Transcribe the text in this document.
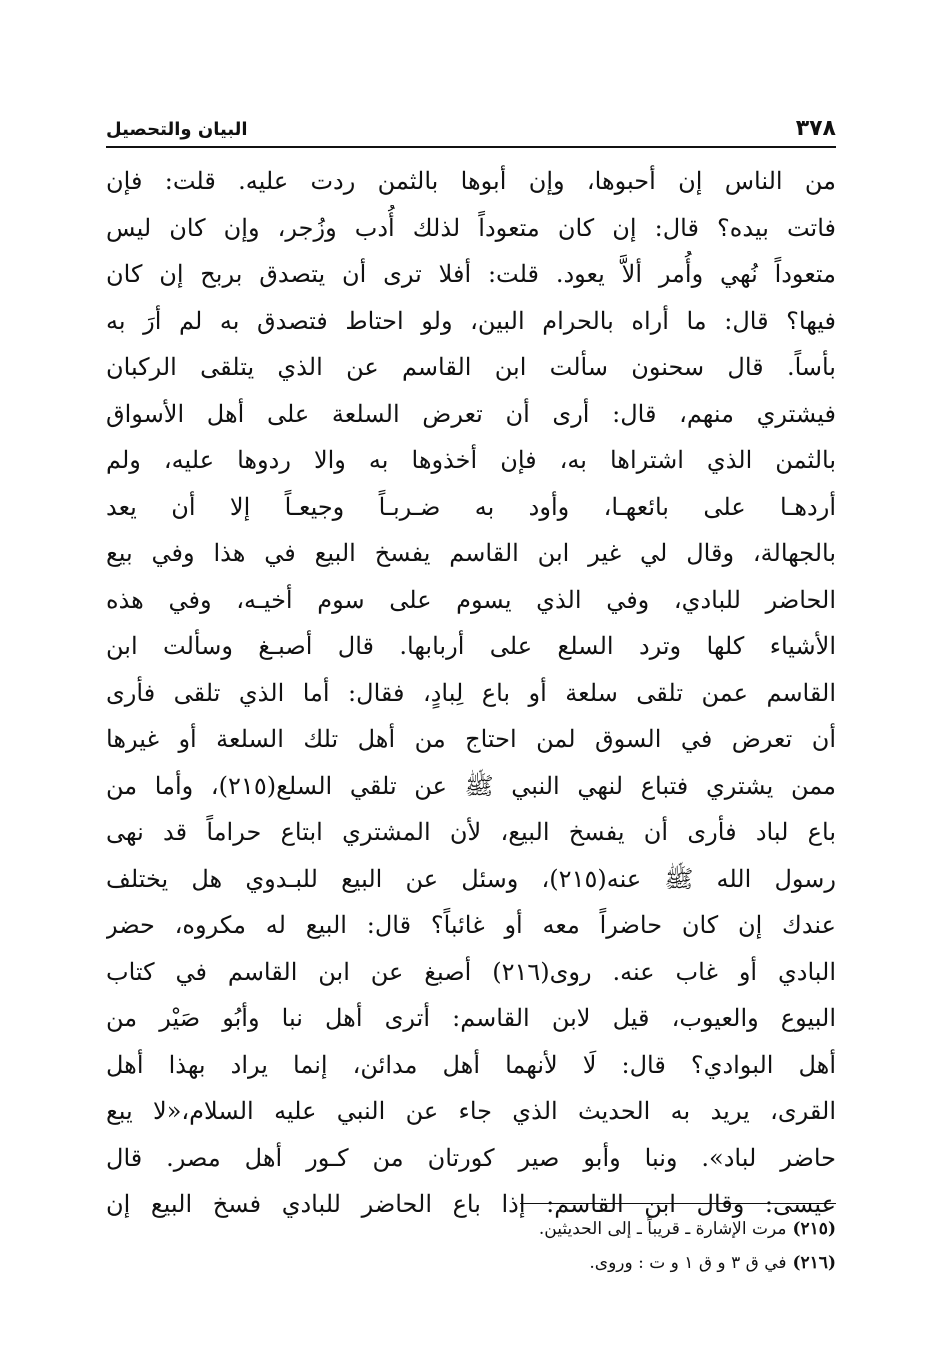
٣٧٨
البيان والتحصيل
من الناس إن أحبوها، وإن أبوها بالثمن ردت عليه. قلت: فإن
فاتت بيده؟ قال: إن كان متعوداً لذلك أُدب وزُجر، وإن كان ليس
متعوداً نُهي وأُمر ألاَّ يعود. قلت: أفلا ترى أن يتصدق بربح إن كان
فيها؟ قال: ما أراه بالحرام البين، ولو احتاط فتصدق به لم أرَ به
بأساً. قال سحنون سألت ابن القاسم عن الذي يتلقى الركبان
فيشتري منهم، قال: أرى أن تعرض السلعة على أهل الأسواق
بالثمن الذي اشتراها به، فإن أخذوها به والا ردوها عليه، ولم
أردهـا على بائعهـا، وأود به ضـربـاً وجيعـاً إلا أن يعد
بالجهالة، وقال لي غير ابن القاسم يفسخ البيع في هذا وفي بيع
الحاضر للبادي، وفي الذي يسوم على سوم أخيـه، وفي هذه
الأشياء كلها وترد السلع على أربابها. قال أصبـغ وسألت ابن
القاسم عمن تلقى سلعة أو باع لِبادٍ، فقال: أما الذي تلقى فأرى
أن تعرض في السوق لمن احتاج من أهل تلك السلعة أو غيرها
ممن يشتري فتباع لنهي النبي ﷺ عن تلقي السلع(٢١٥)، وأما من
باع لباد فأرى أن يفسخ البيع، لأن المشتري ابتاع حراماً قد نهى
رسول الله ﷺ عنه(٢١٥)، وسئل عن البيع للبـدوي هل يختلف
عندك إن كان حاضراً معه أو غائباً؟ قال: البيع له مكروه، حضر
البادي أو غاب عنه. روى(٢١٦) أصبغ عن ابن القاسم في كتاب
البيوع والعيوب، قيل لابن القاسم: أترى أهل نبا وأبُو صَيْر من
أهل البوادي؟ قال: لَا لأنهما أهل مدائن، إنما يراد بهذا أهل
القرى، يريد به الحديث الذي جاء عن النبي عليه السلام،«لا يبع
حاضر لباد». ونبا وأبو صير كورتان من كـور أهل مصر. قال
عيسى: وقال ابن القاسم: إذا باع الحاضر للبادي فسخ البيع إن
(٢١٥)مرت الإشارة ـ قريباً ـ إلى الحديثين.
(٢١٦)في ق ٣ و ق ١ و ت : وروى.
